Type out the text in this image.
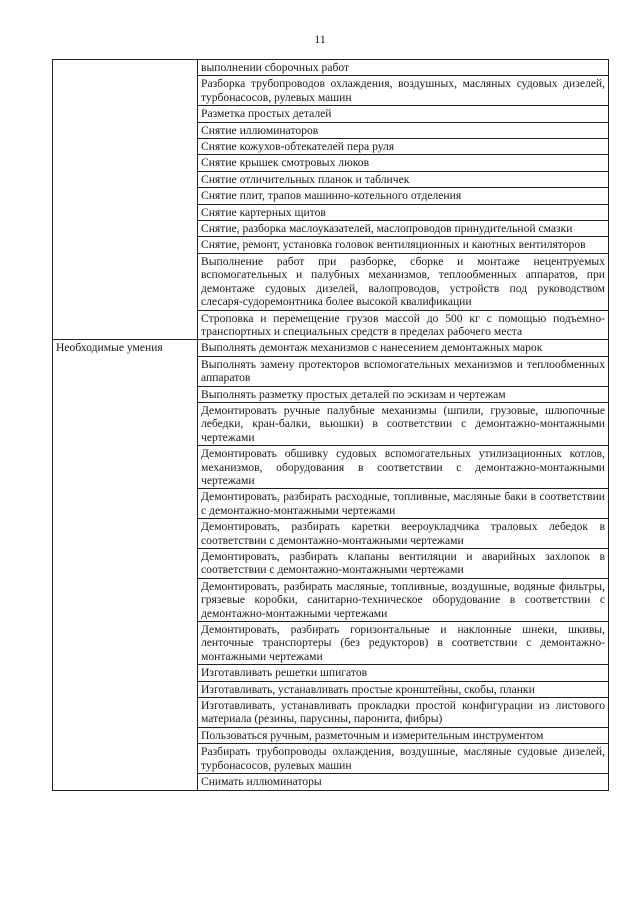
11
	выполнении сборочных работ
	Разборка трубопроводов охлаждения, воздушных, масляных судовых дизелей, турбонасосов, рулевых машин
	Разметка простых деталей
	Снятие иллюминаторов
	Снятие кожухов-обтекателей пера руля
	Снятие крышек смотровых люков
	Снятие отличительных планок и табличек
	Снятие плит, трапов машинно-котельного отделения
	Снятие картерных щитов
	Снятие, разборка маслоуказателей, маслопроводов принудительной смазки
	Снятие, ремонт, установка головок вентиляционных и каютных вентиляторов
	Выполнение работ при разборке, сборке и монтаже нецентруемых вспомогательных и палубных механизмов, теплообменных аппаратов, при демонтаже судовых дизелей, валопроводов, устройств под руководством слесаря-судоремонтника более высокой квалификации
	Строповка и перемещение грузов массой до 500 кг с помощью подъемно-транспортных и специальных средств в пределах рабочего места
Необходимые умения	Выполнять демонтаж механизмов с нанесением демонтажных марок
	Выполнять замену протекторов вспомогательных механизмов и теплообменных аппаратов
	Выполнять разметку простых деталей по эскизам и чертежам
	Демонтировать ручные палубные механизмы (шпили, грузовые, шлюпочные лебедки, кран-балки, вьюшки) в соответствии с демонтажно-монтажными чертежами
	Демонтировать обшивку судовых вспомогательных утилизационных котлов, механизмов, оборудования в соответствии с демонтажно-монтажными чертежами
	Демонтировать, разбирать расходные, топливные, масляные баки в соответствии с демонтажно-монтажными чертежами
	Демонтировать, разбирать каретки веероукладчика траловых лебедок в соответствии с демонтажно-монтажными чертежами
	Демонтировать, разбирать клапаны вентиляции и аварийных захлопок в соответствии с демонтажно-монтажными чертежами
	Демонтировать, разбирать масляные, топливные, воздушные, водяные фильтры, грязевые коробки, санитарно-техническое оборудование в соответствии с демонтажно-монтажными чертежами
	Демонтировать, разбирать горизонтальные и наклонные шнеки, шкивы, ленточные транспортеры (без редукторов) в соответствии с демонтажно-монтажными чертежами
	Изготавливать решетки шпигатов
	Изготавливать, устанавливать простые кронштейны, скобы, планки
	Изготавливать, устанавливать прокладки простой конфигурации из листового материала (резины, парусины, паронита, фибры)
	Пользоваться ручным, разметочным и измерительным инструментом
	Разбирать трубопроводы охлаждения, воздушные, масляные судовые дизелей, турбонасосов, рулевых машин
	Снимать иллюминаторы
